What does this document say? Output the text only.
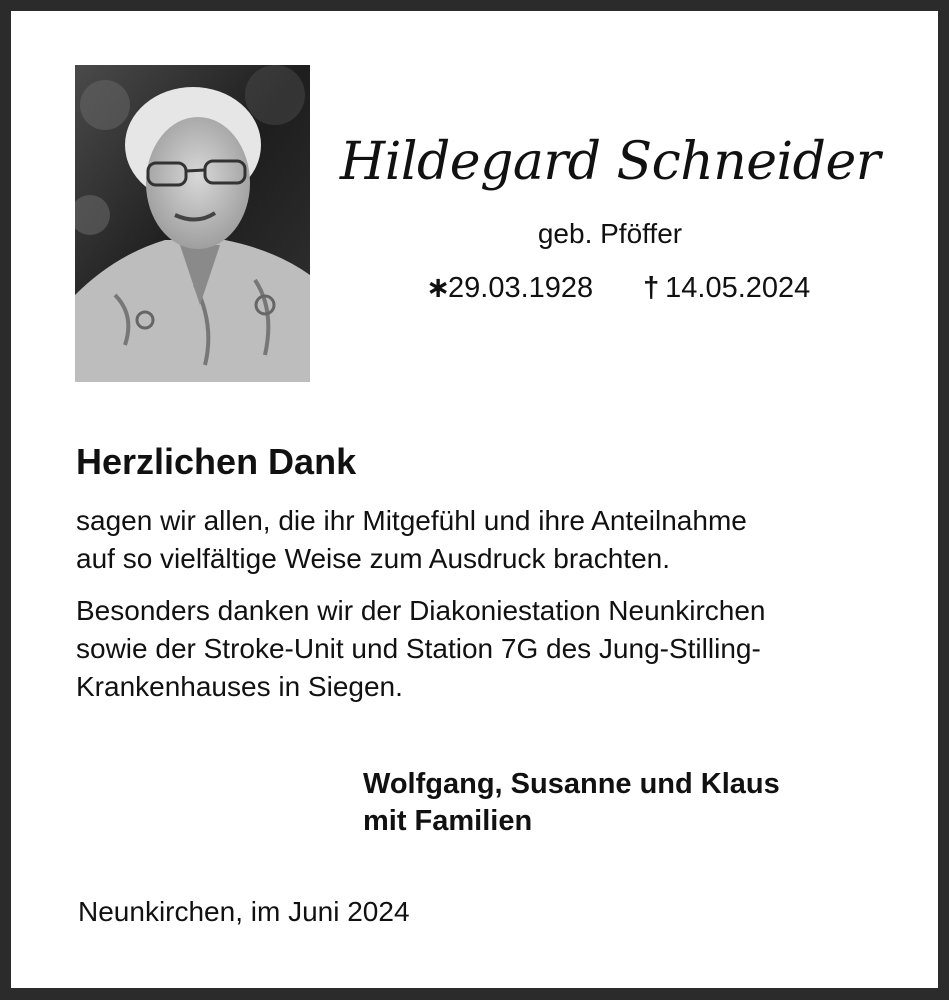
Hildegard Schneider
geb. Pföffer
∗29.03.1928 † 14.05.2024
Herzlichen Dank

sagen wir allen, die ihr Mitgefühl und ihre Anteilnahme
auf so vielfältige Weise zum Ausdruck brachten.

Besonders danken wir der Diakoniestation Neunkirchen
sowie der Stroke-Unit und Station 7G des Jung-Stilling-
Krankenhauses in Siegen.

Wolfgang, Susanne und Klaus
mit Familien
Neunkirchen, im Juni 2024
